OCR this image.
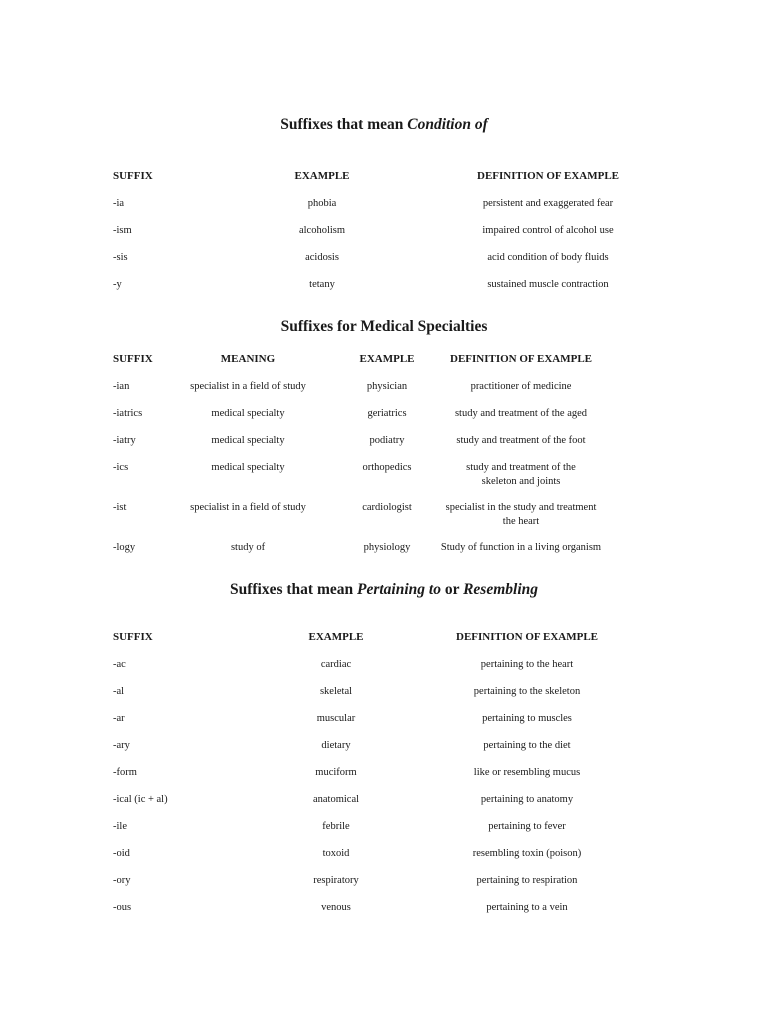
Suffixes that mean Condition of
SUFFIX	EXAMPLE	DEFINITION OF EXAMPLE
-ia	phobia	persistent and exaggerated fear
-ism	alcoholism	impaired control of alcohol use
-sis	acidosis	acid condition of body fluids
-y	tetany	sustained muscle contraction
Suffixes for Medical Specialties
SUFFIX	MEANING	EXAMPLE	DEFINITION OF EXAMPLE
-ian	specialist in a field of study	physician	practitioner of medicine
-iatrics	medical specialty	geriatrics	study and treatment of the aged
-iatry	medical specialty	podiatry	study and treatment of the foot
-ics	medical specialty	orthopedics	study and treatment of the
skeleton and joints
-ist	specialist in a field of study	cardiologist	specialist in the study and treatment
the heart
-logy	study of	physiology	Study of function in a living organism
Suffixes that mean Pertaining to or Resembling
SUFFIX	EXAMPLE	DEFINITION OF EXAMPLE
-ac	cardiac	pertaining to the heart
-al	skeletal	pertaining to the skeleton
-ar	muscular	pertaining to muscles
-ary	dietary	pertaining to the diet
-form	muciform	like or resembling mucus
-ical (ic + al)	anatomical	pertaining to anatomy
-ile	febrile	pertaining to fever
-oid	toxoid	resembling toxin (poison)
-ory	respiratory	pertaining to respiration
-ous	venous	pertaining to a vein
